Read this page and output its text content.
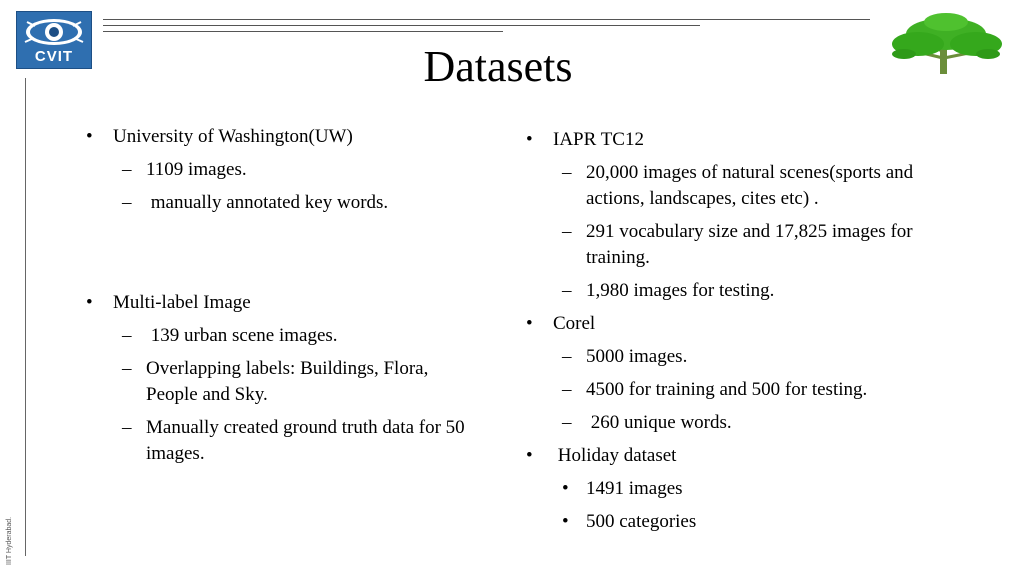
CVIT
IIIT Hyderabad.
Datasets
• University of Washington(UW)
– 1109 images.
– manually annotated key words.
• Multi-label Image
– 139 urban scene images.
– Overlapping labels: Buildings, Flora, People and Sky.
– Manually created ground truth data for 50 images.
• IAPR TC12
– 20,000 images of natural scenes(sports and actions, landscapes, cites etc) .
– 291 vocabulary size and 17,825 images for training.
– 1,980 images for testing.
• Corel
– 5000 images.
– 4500 for training and 500 for testing.
– 260 unique words.
• Holiday dataset
• 1491 images
• 500 categories
